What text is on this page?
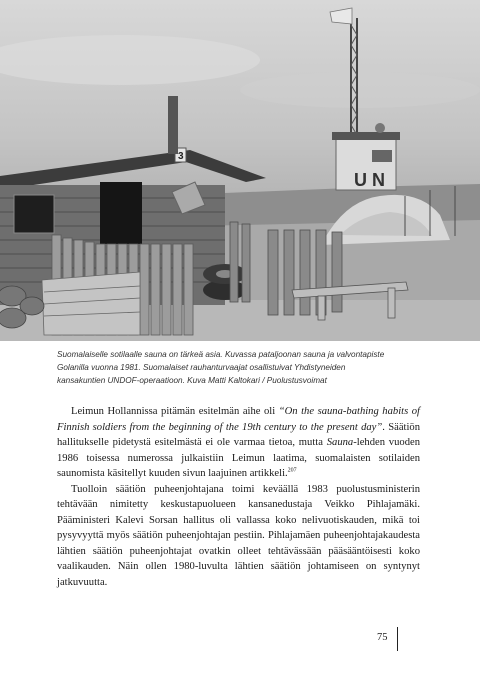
U N
3
Suomalaiselle sotilaalle sauna on tärkeä asia. Kuvassa pataljoonan sauna ja valvontapiste
Golanilla vuonna 1981. Suomalaiset rauhanturvaajat osallistuivat Yhdistyneiden
kansakuntien UNDOF-operaatioon. Kuva Matti Kaltokari / Puolustusvoimat

Leimun Hollannissa pitämän esitelmän aihe oli “On the sauna-bathing habits of Finnish soldiers from the beginning of the 19th century to the present day”. Säätiön hallitukselle pidetystä esitelmästä ei ole varmaa tietoa, mutta Sauna-lehden vuoden 1986 toisessa numerossa julkaistiin Leimun laatima, suomalaisten sotilaiden saunomista käsitellyt kuuden sivun laajuinen artikkeli.$^{207}$

Tuolloin säätiön puheenjohtajana toimi keväällä 1983 puolustusministerin tehtävään nimitetty keskustapuolueen kansanedustaja Veikko Pihlajamäki. Pääministeri Kalevi Sorsan hallitus oli vallassa koko nelivuotiskauden, mikä toi pysyvyyttä myös säätiön puheenjohtajan pestiin. Pihlajamäen puheenjohtajakaudesta lähtien säätiön puheenjohtajat ovatkin olleet tehtävässään pääsääntöisesti koko vaalikauden. Näin ollen 1980-luvulta lähtien säätiön johtamiseen on syntynyt jatkuvuutta.

75
